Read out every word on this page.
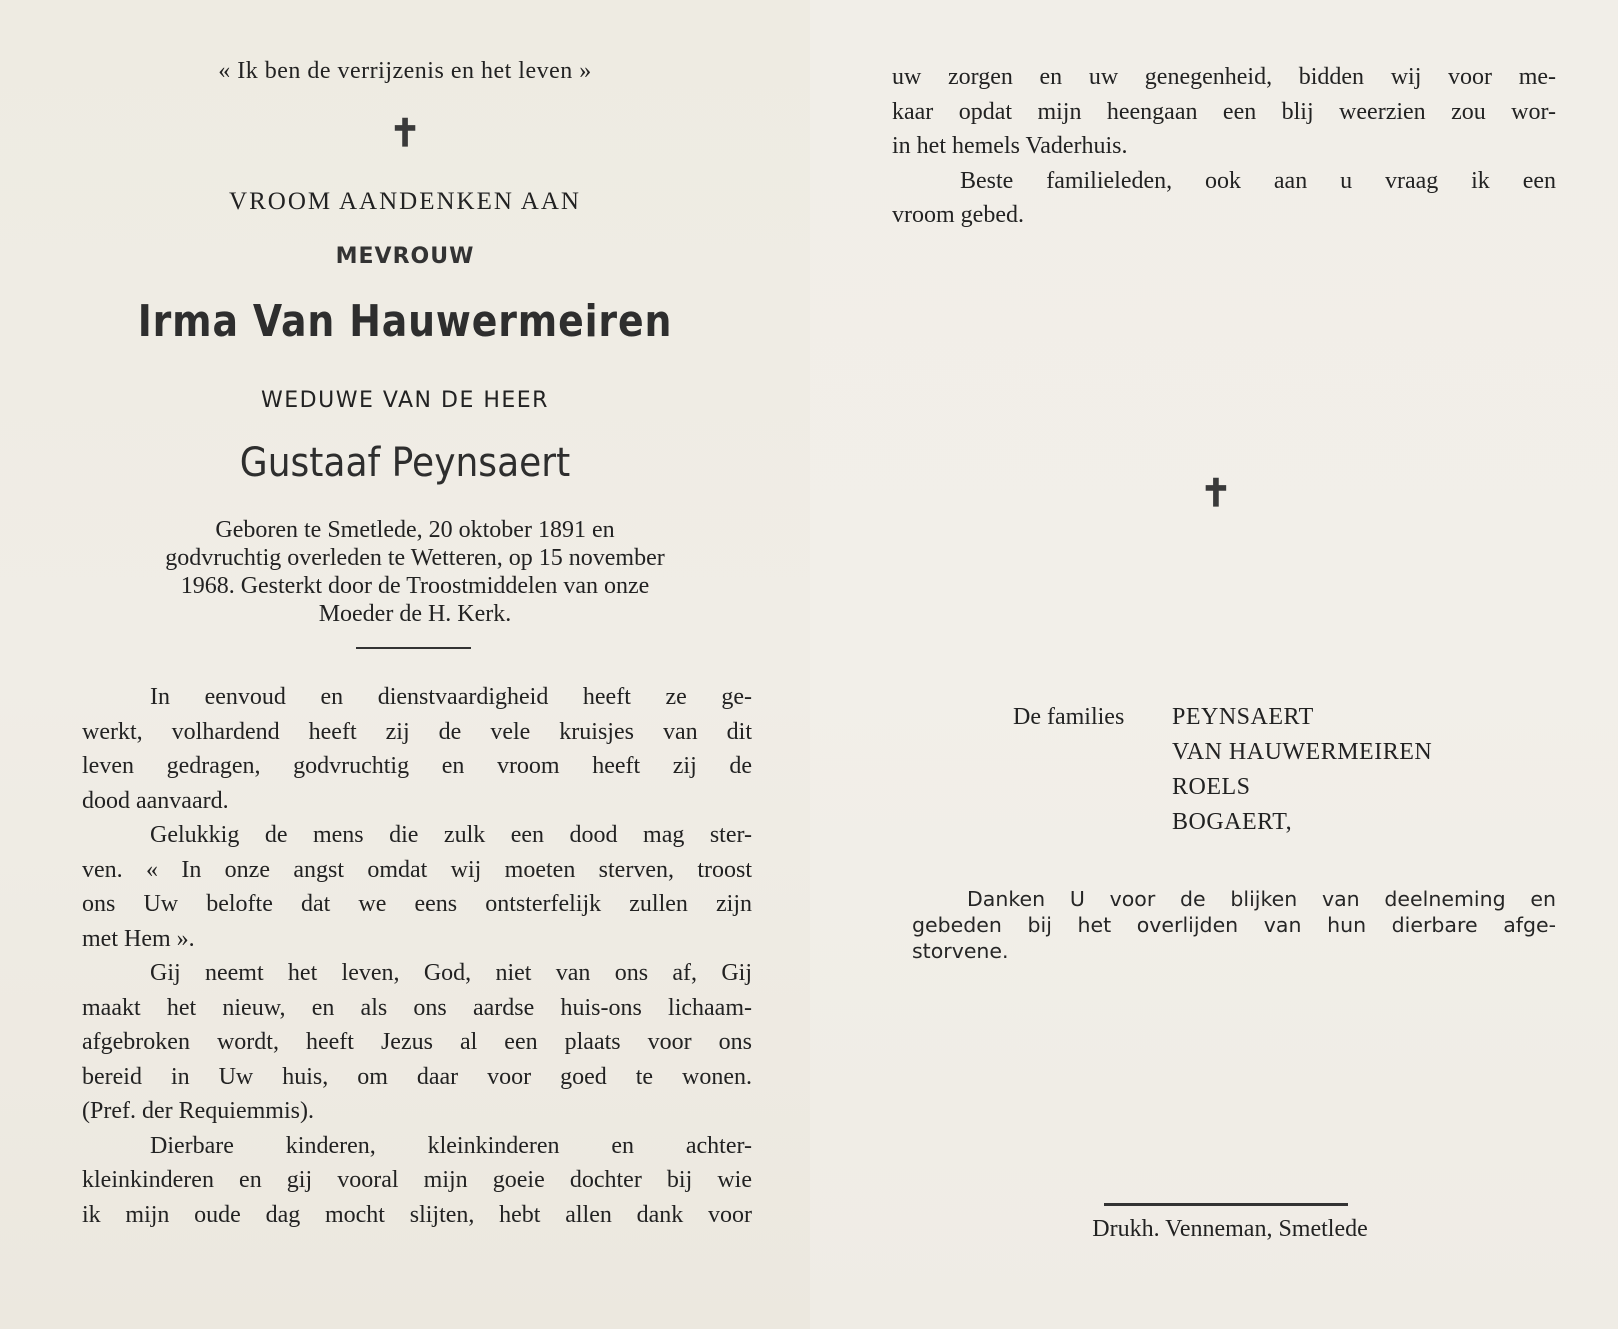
« Ik ben de verrijzenis en het leven »
✝
VROOM AANDENKEN AAN
MEVROUW
Irma Van Hauwermeiren
WEDUWE VAN DE HEER
Gustaaf Peynsaert
Geboren te Smetlede, 20 oktober 1891 en
godvruchtig overleden te Wetteren, op 15 november
1968. Gesterkt door de Troostmiddelen van onze
Moeder de H. Kerk.
In eenvoud en dienstvaardigheid heeft ze ge-
werkt, volhardend heeft zij de vele kruisjes van dit
leven gedragen, godvruchtig en vroom heeft zij de
dood aanvaard.
Gelukkig de mens die zulk een dood mag ster-
ven. « In onze angst omdat wij moeten sterven, troost
ons Uw belofte dat we eens ontsterfelijk zullen zijn
met Hem ».
Gij neemt het leven, God, niet van ons af, Gij
maakt het nieuw, en als ons aardse huis-ons lichaam-
afgebroken wordt, heeft Jezus al een plaats voor ons
bereid in Uw huis, om daar voor goed te wonen.
(Pref. der Requiemmis).
Dierbare kinderen, kleinkinderen en achter-
kleinkinderen en gij vooral mijn goeie dochter bij wie
ik mijn oude dag mocht slijten, hebt allen dank voor
uw zorgen en uw genegenheid, bidden wij voor me-
kaar opdat mijn heengaan een blij weerzien zou wor-
in het hemels Vaderhuis.
Beste familieleden, ook aan u vraag ik een
vroom gebed.
✝
De families	PEYNSAERT
VAN HAUWERMEIREN
ROELS
BOGAERT,
Danken U voor de blijken van deelneming en
gebeden bij het overlijden van hun dierbare afge-
storvene.
Drukh. Venneman, Smetlede
